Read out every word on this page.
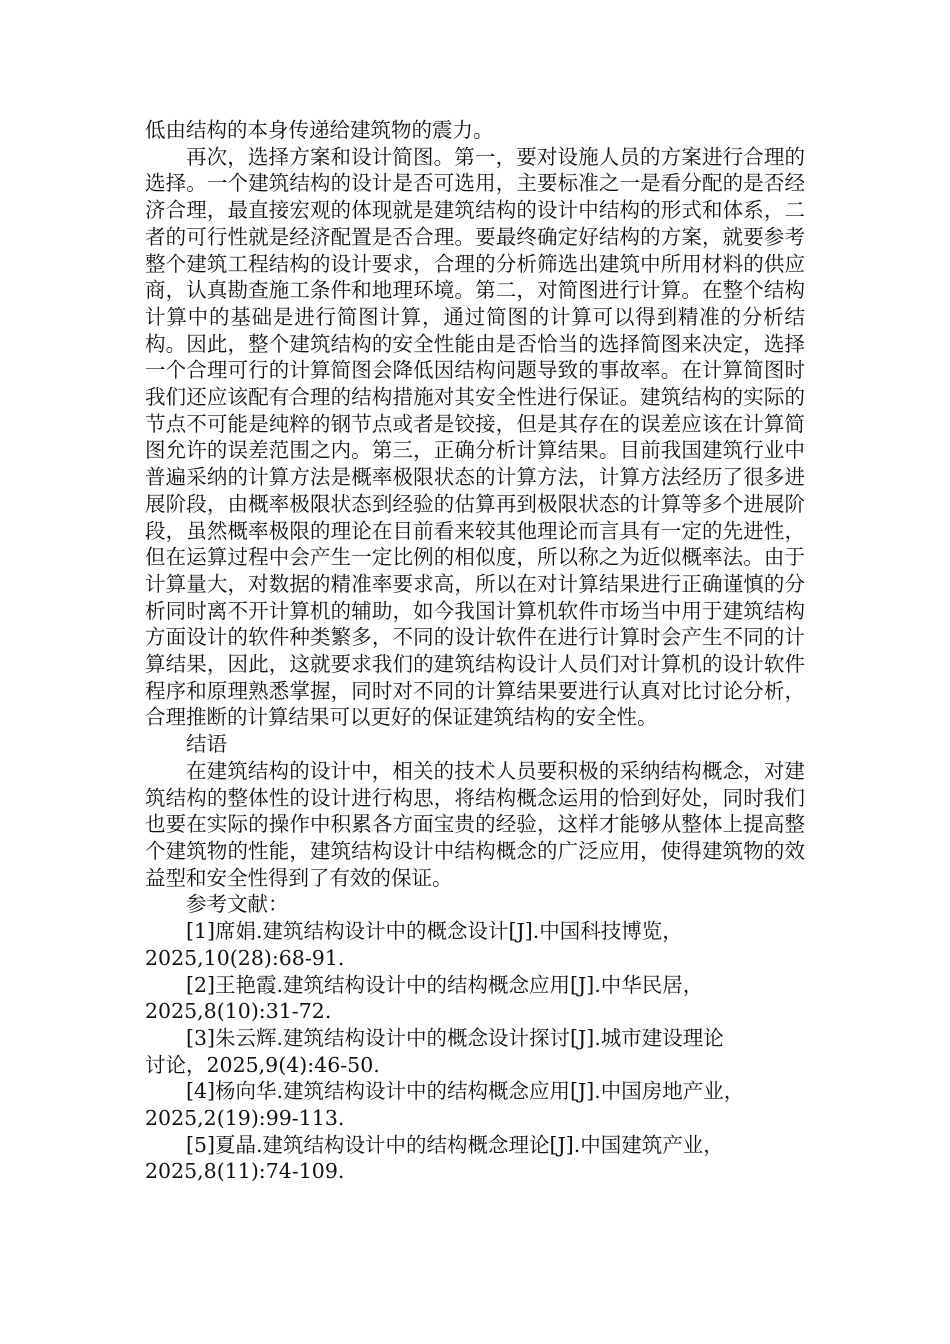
低由结构的本身传递给建筑物的震力。

再次，选择方案和设计简图。第一，要对设施人员的方案进行合理的选择。一个建筑结构的设计是否可选用，主要标准之一是看分配的是否经济合理，最直接宏观的体现就是建筑结构的设计中结构的形式和体系，二者的可行性就是经济配置是否合理。要最终确定好结构的方案，就要参考整个建筑工程结构的设计要求，合理的分析筛选出建筑中所用材料的供应商，认真勘查施工条件和地理环境。第二，对简图进行计算。在整个结构计算中的基础是进行简图计算，通过简图的计算可以得到精准的分析结构。因此，整个建筑结构的安全性能由是否恰当的选择简图来决定，选择一个合理可行的计算简图会降低因结构问题导致的事故率。在计算简图时我们还应该配有合理的结构措施对其安全性进行保证。建筑结构的实际的节点不可能是纯粹的钢节点或者是铰接，但是其存在的误差应该在计算简图允许的误差范围之内。第三，正确分析计算结果。目前我国建筑行业中普遍采纳的计算方法是概率极限状态的计算方法，计算方法经历了很多进展阶段，由概率极限状态到经验的估算再到极限状态的计算等多个进展阶段，虽然概率极限的理论在目前看来较其他理论而言具有一定的先进性，但在运算过程中会产生一定比例的相似度，所以称之为近似概率法。由于计算量大，对数据的精准率要求高，所以在对计算结果进行正确谨慎的分析同时离不开计算机的辅助，如今我国计算机软件市场当中用于建筑结构方面设计的软件种类繁多，不同的设计软件在进行计算时会产生不同的计算结果，因此，这就要求我们的建筑结构设计人员们对计算机的设计软件程序和原理熟悉掌握，同时对不同的计算结果要进行认真对比讨论分析，合理推断的计算结果可以更好的保证建筑结构的安全性。

结语

在建筑结构的设计中，相关的技术人员要积极的采纳结构概念，对建筑结构的整体性的设计进行构思，将结构概念运用的恰到好处，同时我们也要在实际的操作中积累各方面宝贵的经验，这样才能够从整体上提高整个建筑物的性能，建筑结构设计中结构概念的广泛应用，使得建筑物的效益型和安全性得到了有效的保证。

参考文献：

[1]席娟.建筑结构设计中的概念设计[J].中国科技博览，

2025,10(28):68-91.

[2]王艳霞.建筑结构设计中的结构概念应用[J].中华民居，

2025,8(10):31-72.

[3]朱云辉.建筑结构设计中的概念设计探讨[J].城市建设理论

讨论，2025,9(4):46-50.

[4]杨向华.建筑结构设计中的结构概念应用[J].中国房地产业，

2025,2(19):99-113.

[5]夏晶.建筑结构设计中的结构概念理论[J].中国建筑产业，

2025,8(11):74-109.
